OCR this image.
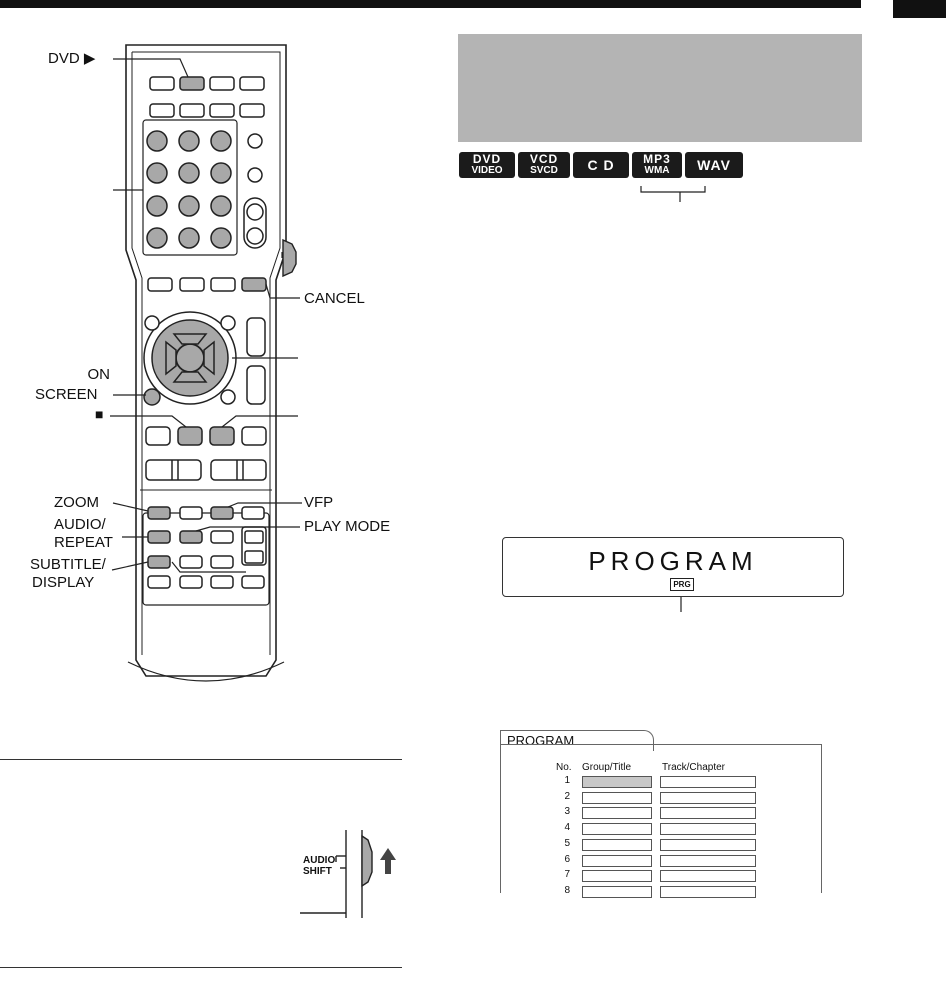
DVD ▶
CANCEL
ON
SCREEN
■
ZOOM	VFP
AUDIO/
REPEAT
PLAY MODE
SUBTITLE/
DISPLAY
AUDIO
SHIFT
DVD
VIDEO
VCD
SVCD C D MP3
WMA WAV
PROGRAM
PRG
PROGRAM
No. Group/Title	Track/Chapter
1
2
3
4
5
6
7
8
